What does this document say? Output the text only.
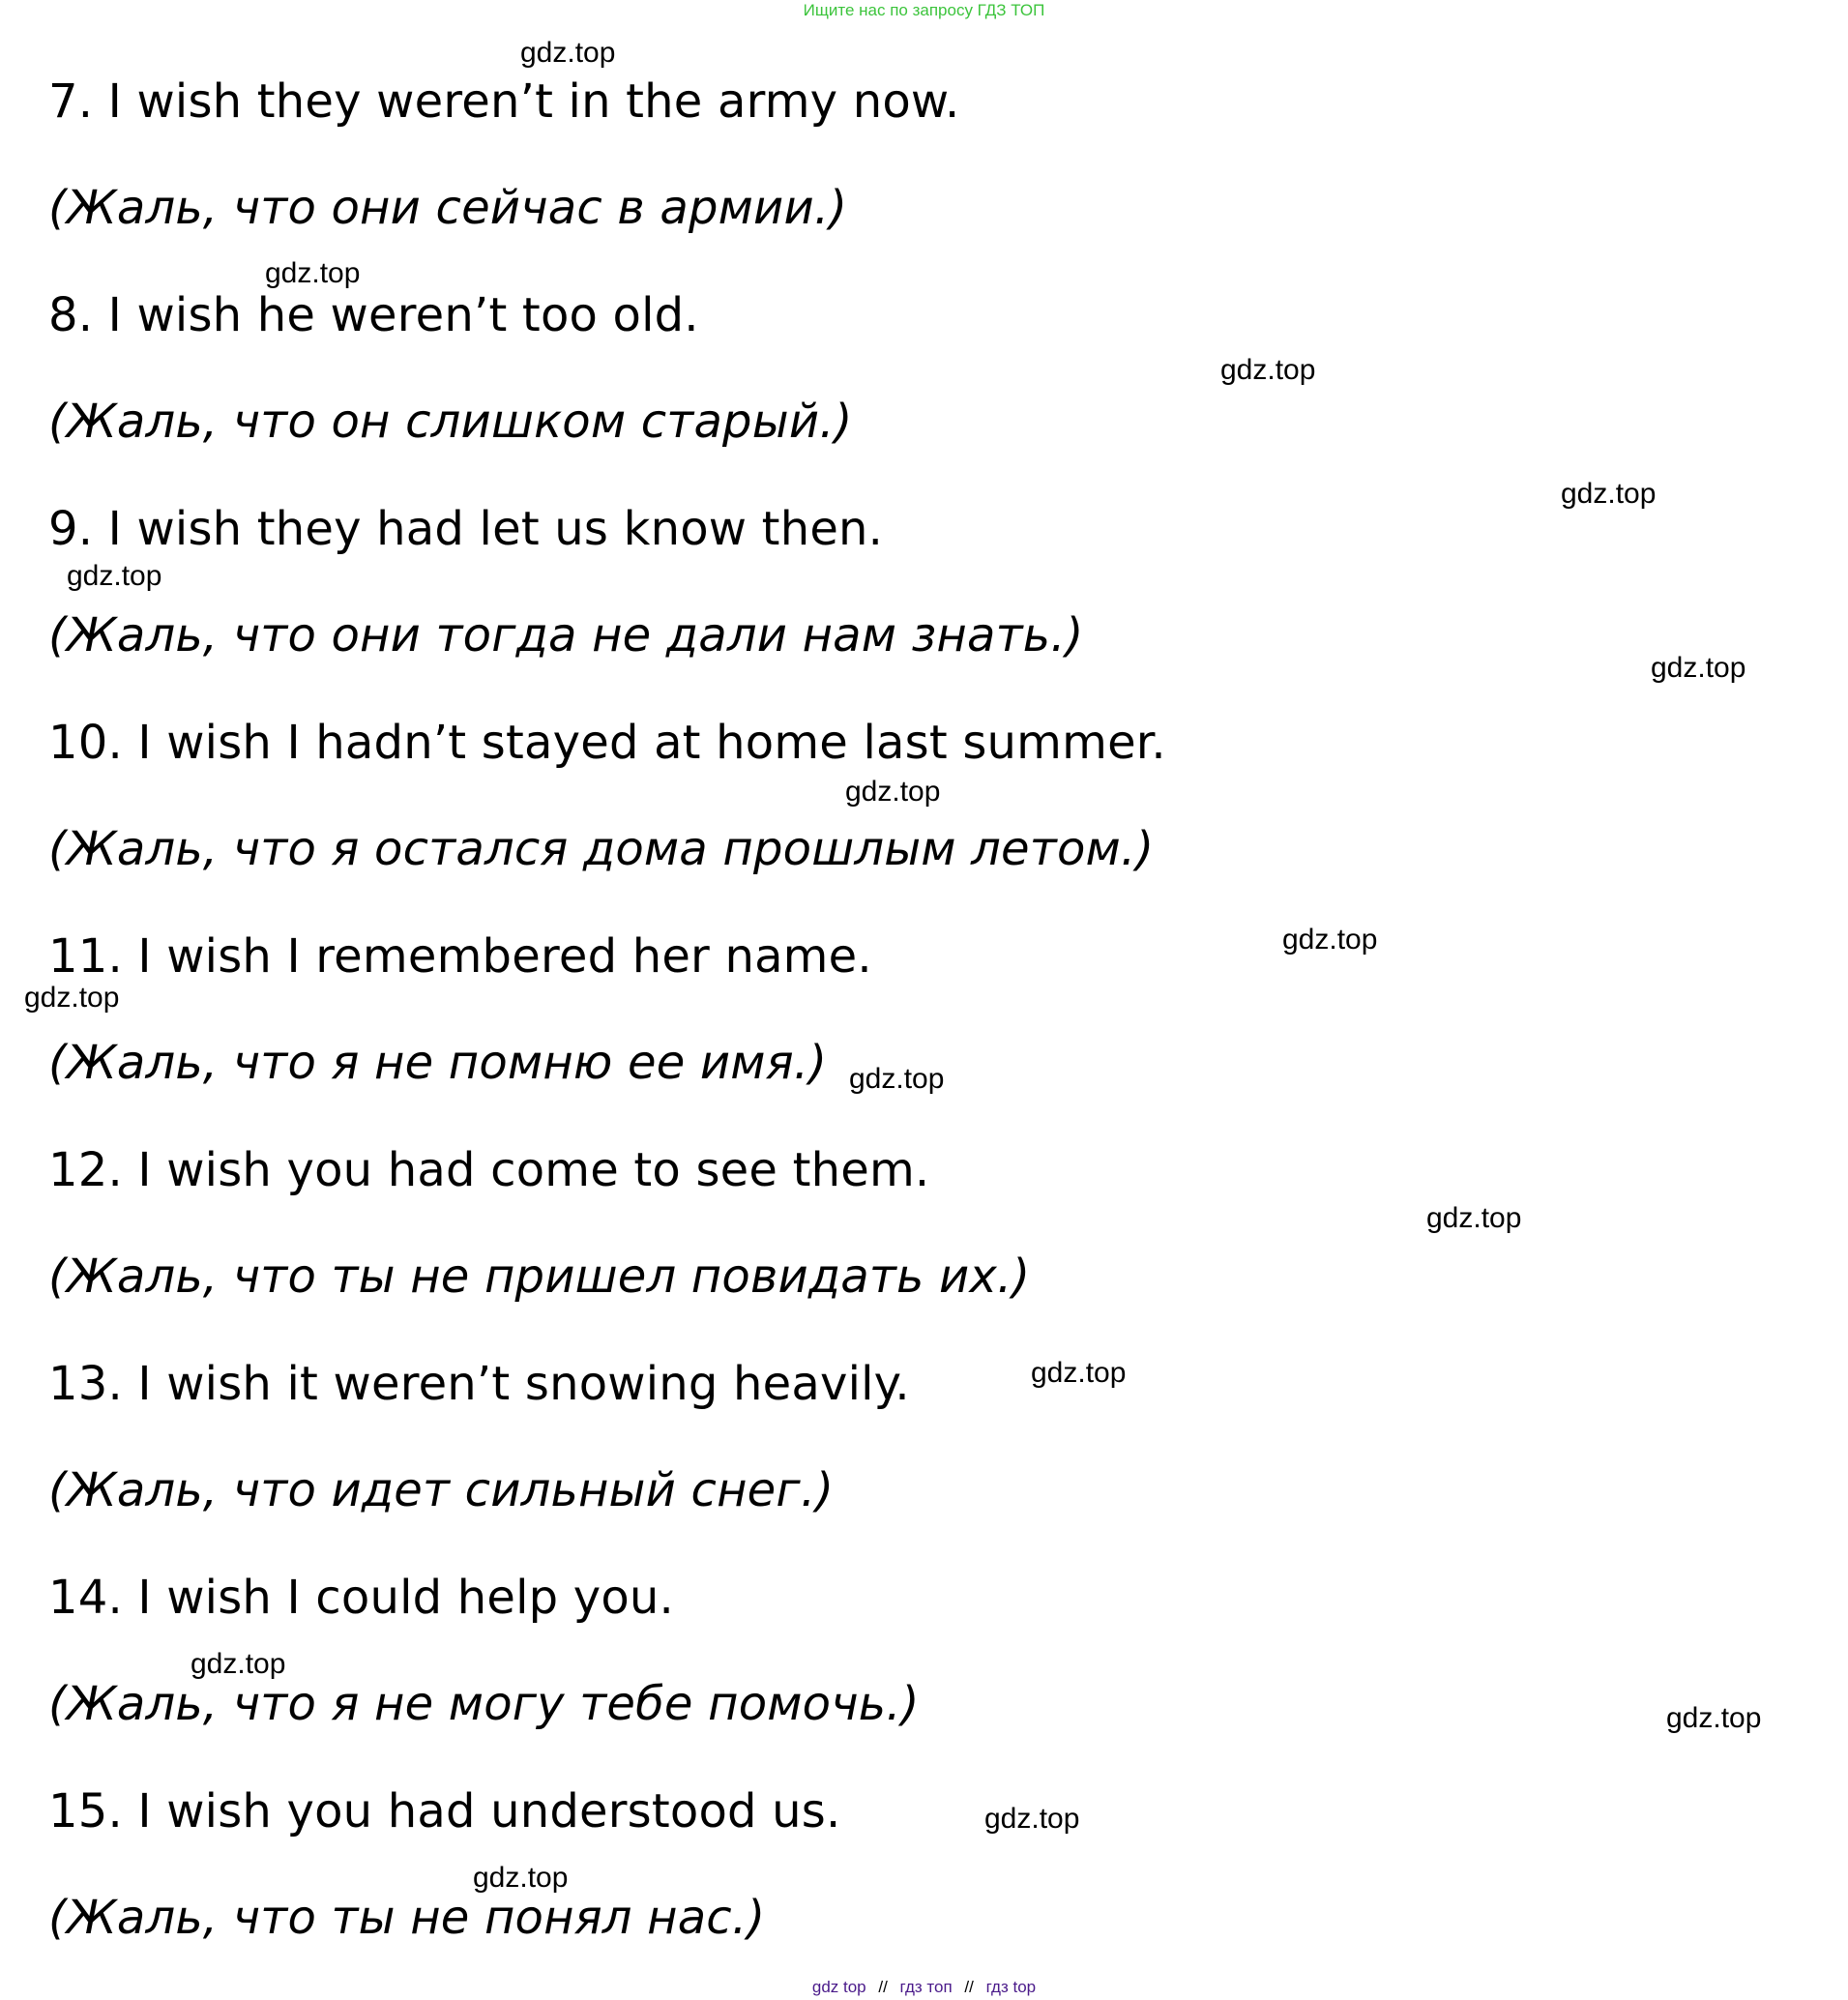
Ищите нас по запросу ГДЗ ТОП
7. I wish they weren’t in the army now.
(Жаль, что они сейчас в армии.)
8. I wish he weren’t too old.
(Жаль, что он слишком старый.)
9. I wish they had let us know then.
(Жаль, что они тогда не дали нам знать.)
10. I wish I hadn’t stayed at home last summer.
(Жаль, что я остался дома прошлым летом.)
11. I wish I remembered her name.
(Жаль, что я не помню ее имя.)
12. I wish you had come to see them.
(Жаль, что ты не пришел повидать их.)
13. I wish it weren’t snowing heavily.
(Жаль, что идет сильный снег.)
14. I wish I could help you.
(Жаль, что я не могу тебе помочь.)
15. I wish you had understood us.
(Жаль, что ты не понял нас.)
gdz.top
gdz.top
gdz.top
gdz.top
gdz.top
gdz.top
gdz.top
gdz.top
gdz.top
gdz.top
gdz.top
gdz.top
gdz.top
gdz.top
gdz.top
gdz.top
gdz top // гдз топ // гдз top
